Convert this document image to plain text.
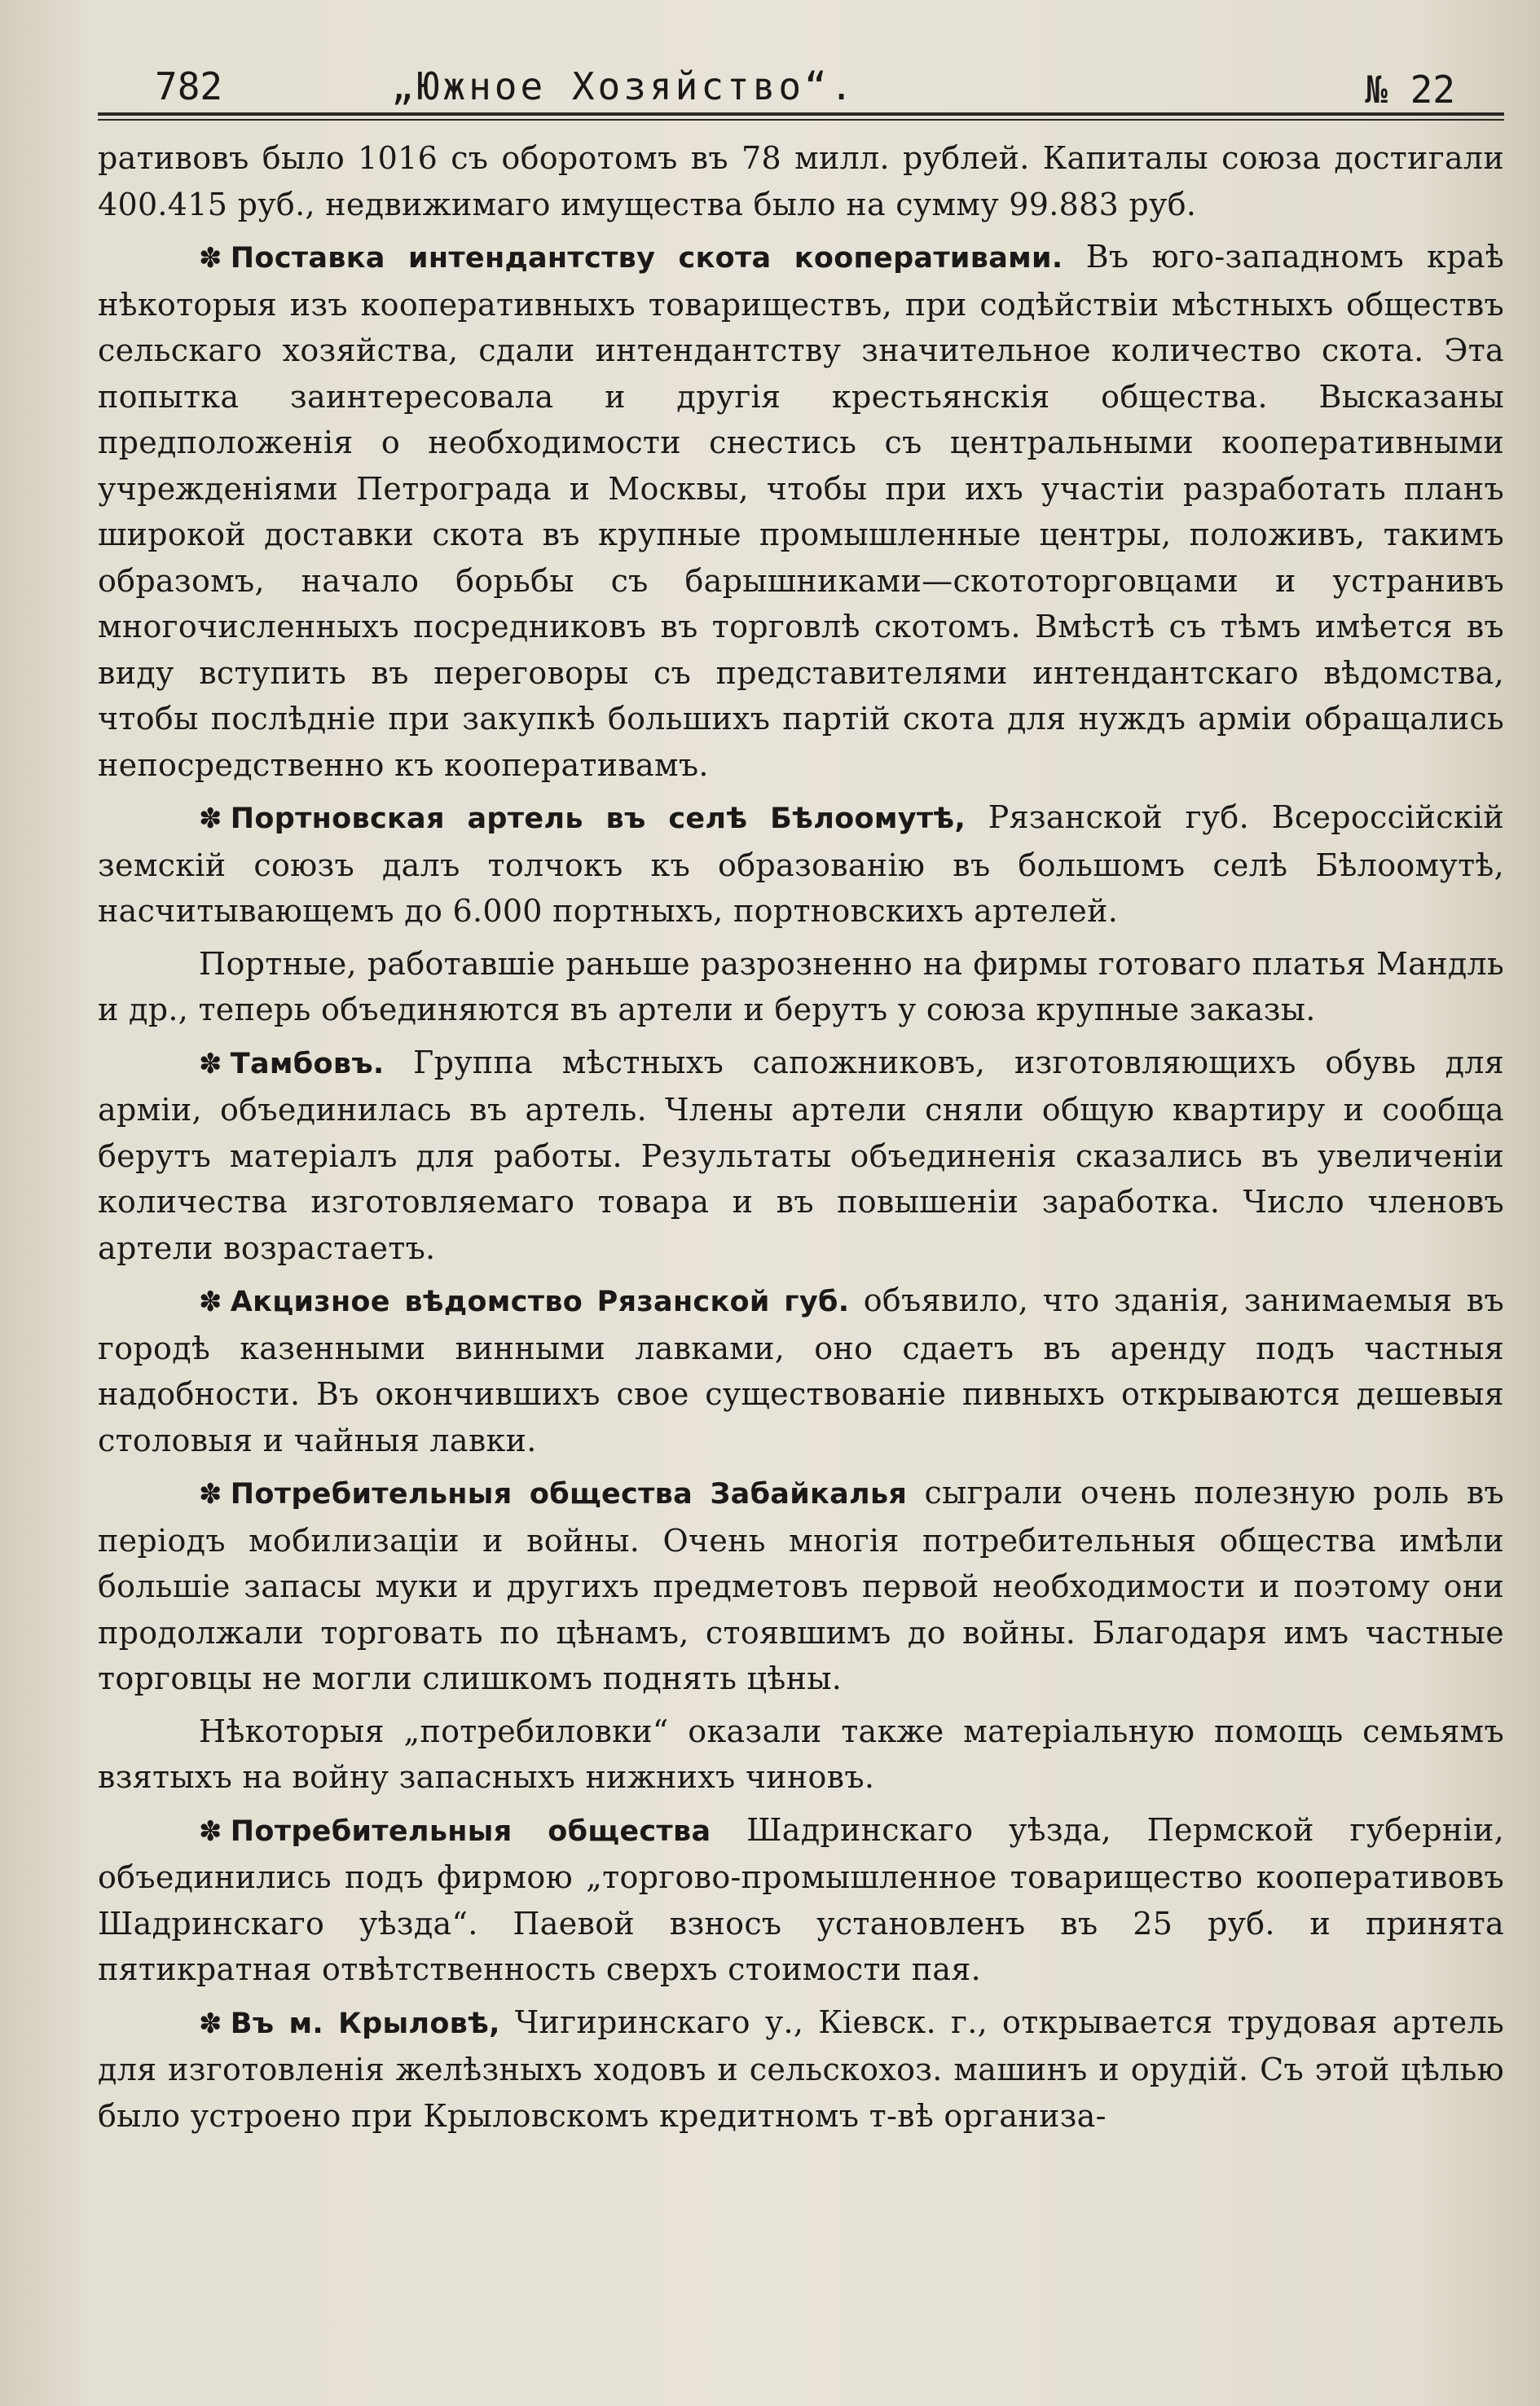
782	„Южное Хозяйство“.	№ 22

ративовъ было 1016 съ оборотомъ въ 78 милл. рублей. Капиталы союза достигали 400.415 руб., недвижимаго имущества было на сумму 99.883 руб.

✽ Поставка интендантству скота кооперативами. Въ юго-западномъ краѣ нѣкоторыя изъ кооперативныхъ товариществъ, при содѣйствіи мѣстныхъ обществъ сельскаго хозяйства, сдали интендантству значительное количество скота. Эта попытка заинтересовала и другія крестьянскія общества. Высказаны предположенія о необходимости снестись съ центральными кооперативными учрежденіями Петрограда и Москвы, чтобы при ихъ участіи разработать планъ широкой доставки скота въ крупные промышленные центры, положивъ, такимъ образомъ, начало борьбы съ барышниками—скототорговцами и устранивъ многочисленныхъ посредниковъ въ торговлѣ скотомъ. Вмѣстѣ съ тѣмъ имѣется въ виду вступить въ переговоры съ представителями интендантскаго вѣдомства, чтобы послѣдніе при закупкѣ большихъ партій скота для нуждъ арміи обращались непосредственно къ кооперативамъ.

✽ Портновская артель въ селѣ Бѣлоомутѣ, Рязанской губ. Всероссійскій земскій союзъ далъ толчокъ къ образованію въ большомъ селѣ Бѣлоомутѣ, насчитывающемъ до 6.000 портныхъ, портновскихъ артелей.

Портные, работавшіе раньше разрозненно на фирмы готоваго платья Мандль и др., теперь объединяются въ артели и берутъ у союза крупные заказы.

✽ Тамбовъ. Группа мѣстныхъ сапожниковъ, изготовляющихъ обувь для арміи, объединилась въ артель. Члены артели сняли общую квартиру и сообща берутъ матеріалъ для работы. Результаты объединенія сказались въ увеличеніи количества изготовляемаго товара и въ повышеніи заработка. Число членовъ артели возрастаетъ.

✽ Акцизное вѣдомство Рязанской губ. объявило, что зданія, занимаемыя въ городѣ казенными винными лавками, оно сдаетъ въ аренду подъ частныя надобности. Въ окончившихъ свое существованіе пивныхъ открываются дешевыя столовыя и чайныя лавки.

✽ Потребительныя общества Забайкалья сыграли очень полезную роль въ періодъ мобилизаціи и войны. Очень многія потребительныя общества имѣли большіе запасы муки и другихъ предметовъ первой необходимости и поэтому они продолжали торговать по цѣнамъ, стоявшимъ до войны. Благодаря имъ частные торговцы не могли слишкомъ поднять цѣны.

Нѣкоторыя „потребиловки“ оказали также матеріальную помощь семьямъ взятыхъ на войну запасныхъ нижнихъ чиновъ.

✽ Потребительныя общества Шадринскаго уѣзда, Пермской губерніи, объединились подъ фирмою „торгово-промышленное товарищество кооперативовъ Шадринскаго уѣзда“. Паевой взносъ установленъ въ 25 руб. и принята пятикратная отвѣтственность сверхъ стоимости пая.

✽ Въ м. Крыловѣ, Чигиринскаго у., Кіевск. г., открывается трудовая артель для изготовленія желѣзныхъ ходовъ и сельскохоз. машинъ и орудій. Съ этой цѣлью было устроено при Крыловскомъ кредитномъ т-вѣ организа-
